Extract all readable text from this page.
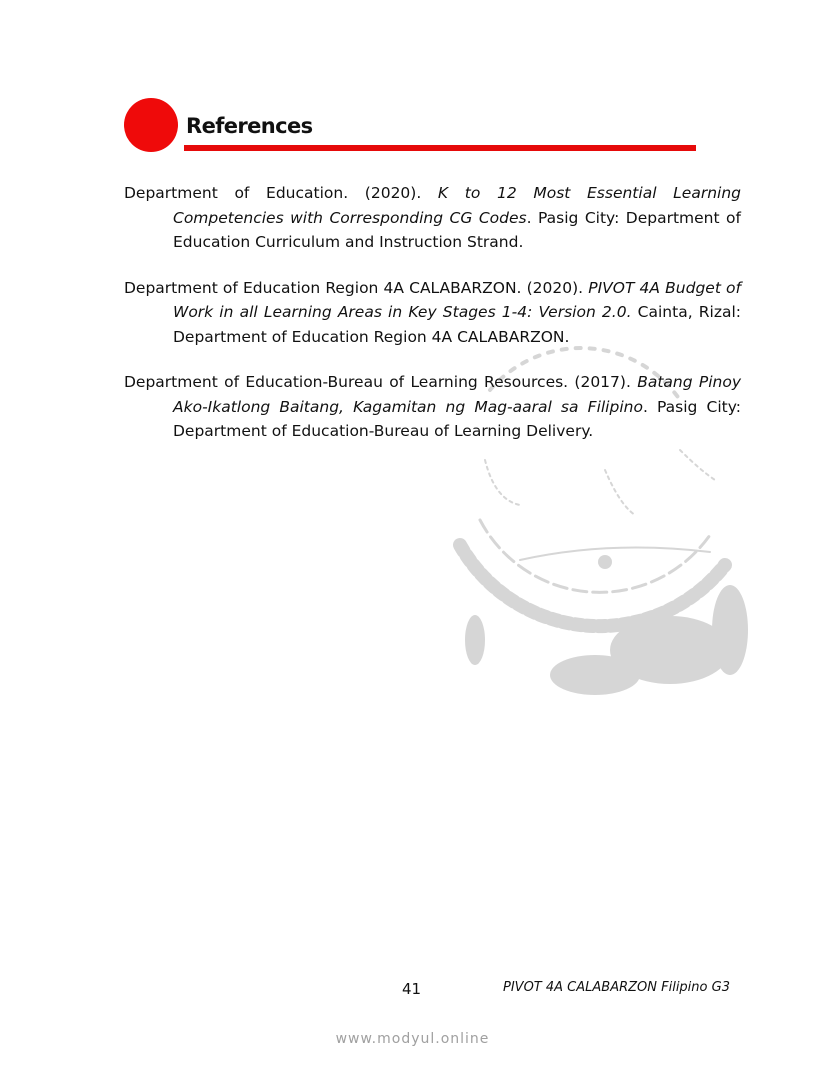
References

Department of Education. (2020). K to 12 Most Essential Learning Competencies with Corresponding CG Codes. Pasig City: Department of Education Curriculum and Instruction Strand.

Department of Education Region 4A CALABARZON. (2020). PIVOT 4A Budget of Work in all Learning Areas in Key Stages 1-4: Version 2.0. Cainta, Rizal: Department of Education Region 4A CALABARZON.

Department of Education-Bureau of Learning Resources. (2017). Batang Pinoy Ako-Ikatlong Baitang, Kagamitan ng Mag-aaral sa Filipino. Pasig City: Department of Education-Bureau of Learning Delivery.

41	PIVOT 4A CALABARZON Filipino G3
www.modyul.online
